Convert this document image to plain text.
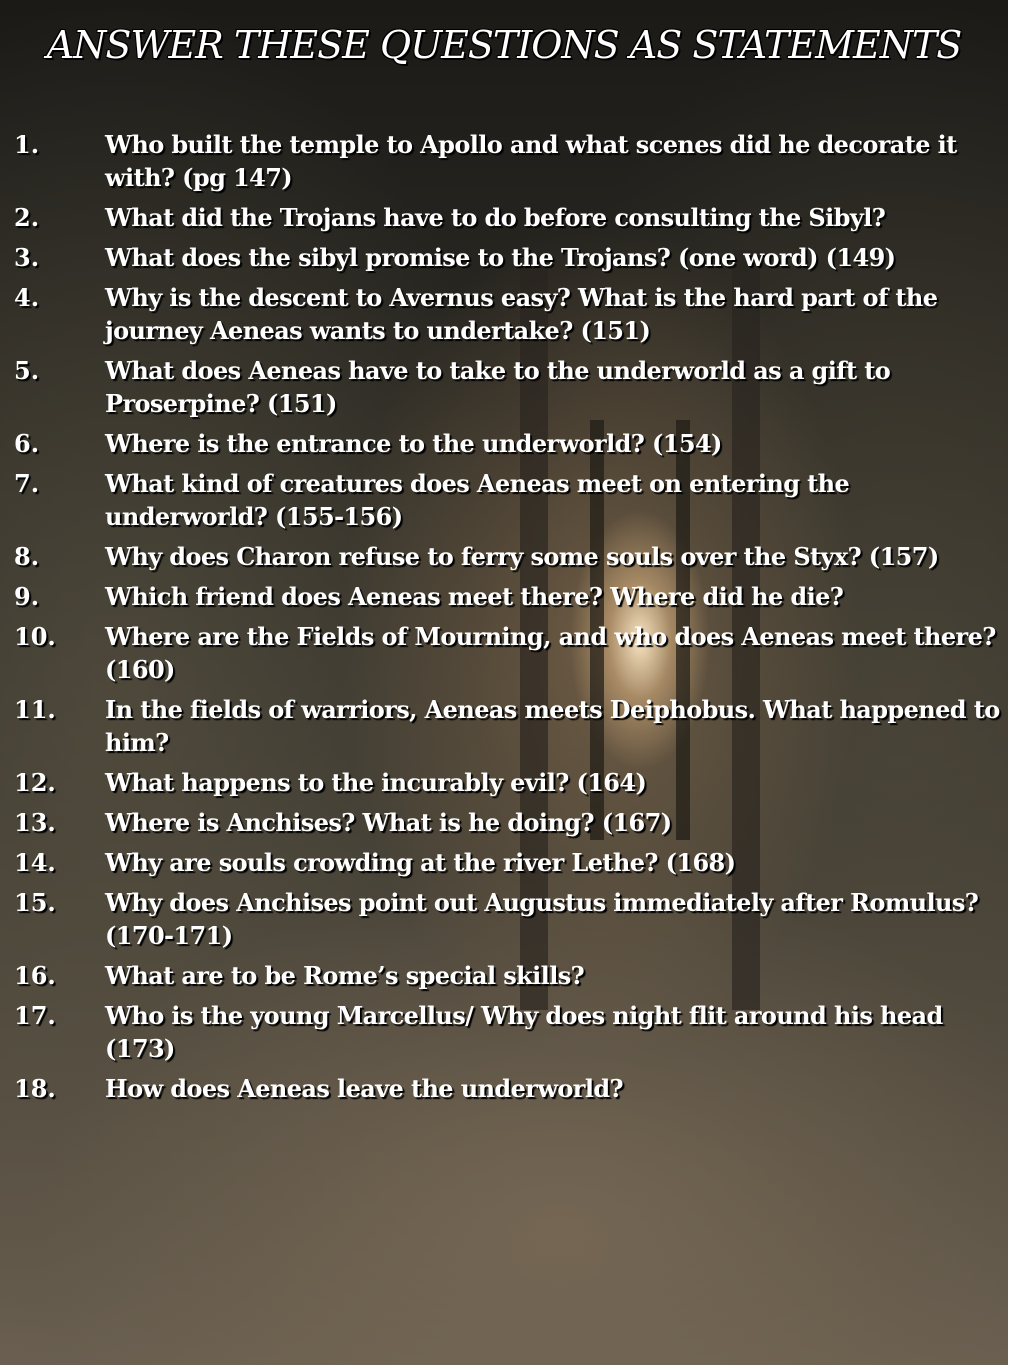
ANSWER THESE QUESTIONS AS STATEMENTS
1.	Who built the temple to Apollo and what scenes did he decorate it with? (pg 147)
2.	What did the Trojans have to do before consulting the Sibyl?
3.	What does the sibyl promise to the Trojans? (one word) (149)
4.	Why is the descent to Avernus easy? What is the hard part of the journey Aeneas wants to undertake? (151)
5.	What does Aeneas have to take to the underworld as a gift to Proserpine? (151)
6.	Where is the entrance to the underworld? (154)
7.	What kind of creatures does Aeneas meet on entering the underworld? (155-156)
8.	Why does Charon refuse to ferry some souls over the Styx? (157)
9.	Which friend does Aeneas meet there? Where did he die?
10.	Where are the Fields of Mourning, and who does Aeneas meet there? (160)
11.	In the fields of warriors, Aeneas meets Deiphobus. What happened to him?
12.	What happens to the incurably evil? (164)
13.	Where is Anchises? What is he doing? (167)
14.	Why are souls crowding at the river Lethe? (168)
15.	Why does Anchises point out Augustus immediately after Romulus? (170-171)
16.	What are to be Rome’s special skills?
17.	Who is the young Marcellus/ Why does night flit around his head (173)
18.	How does Aeneas leave the underworld?
